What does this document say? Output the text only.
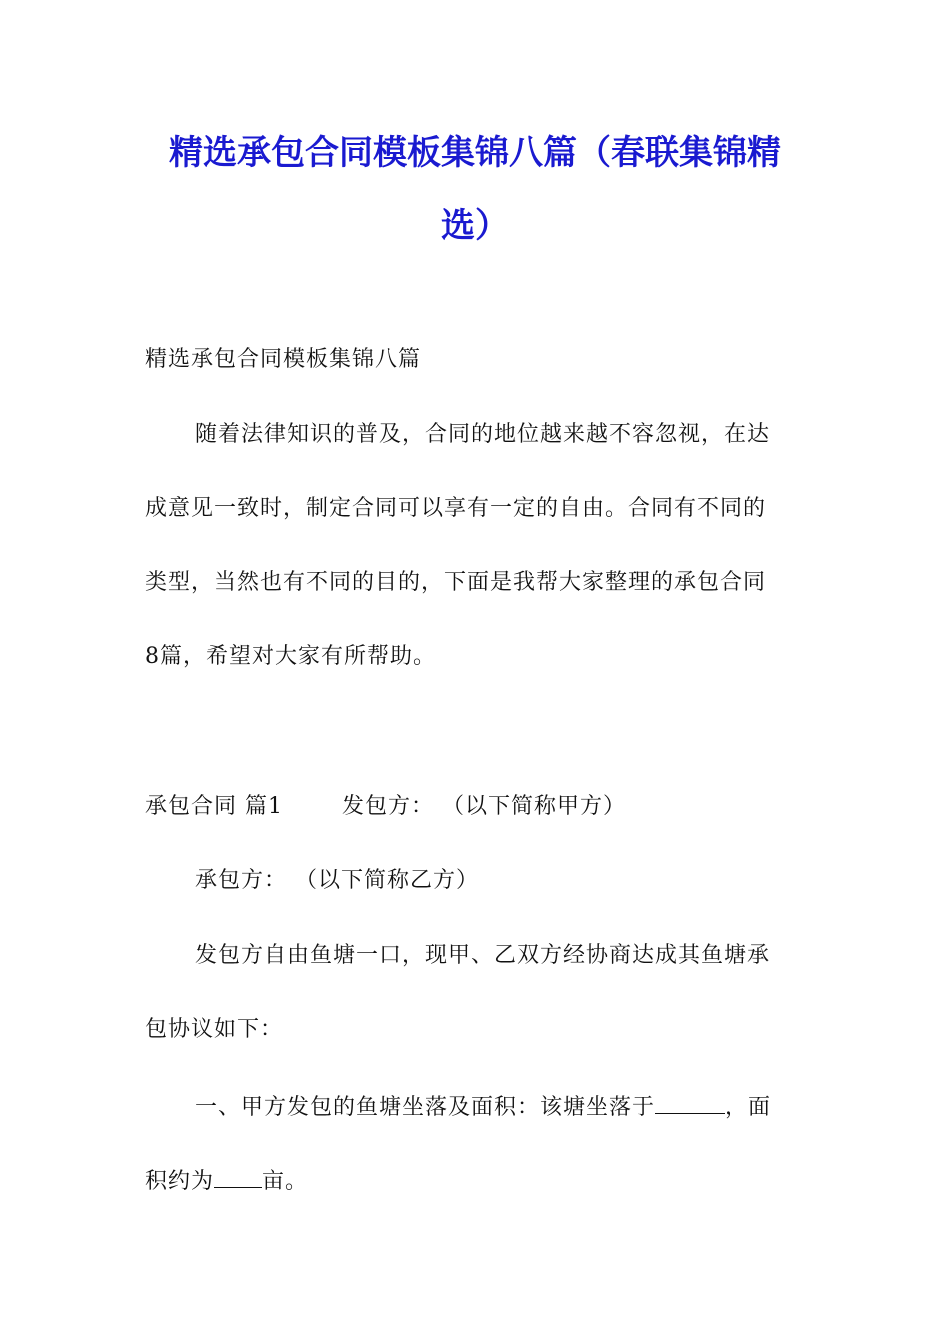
精选承包合同模板集锦八篇（春联集锦精
选）
精选承包合同模板集锦八篇
随着法律知识的普及，合同的地位越来越不容忽视，在达
成意见一致时，制定合同可以享有一定的自由。合同有不同的
类型，当然也有不同的目的，下面是我帮大家整理的承包合同
8篇，希望对大家有所帮助。
承包合同 篇1	发包方： （以下简称甲方）
承包方： （以下简称乙方）
发包方自由鱼塘一口，现甲、乙双方经协商达成其鱼塘承
包协议如下：
一、甲方发包的鱼塘坐落及面积：该塘坐落于	，面
积约为 亩。
